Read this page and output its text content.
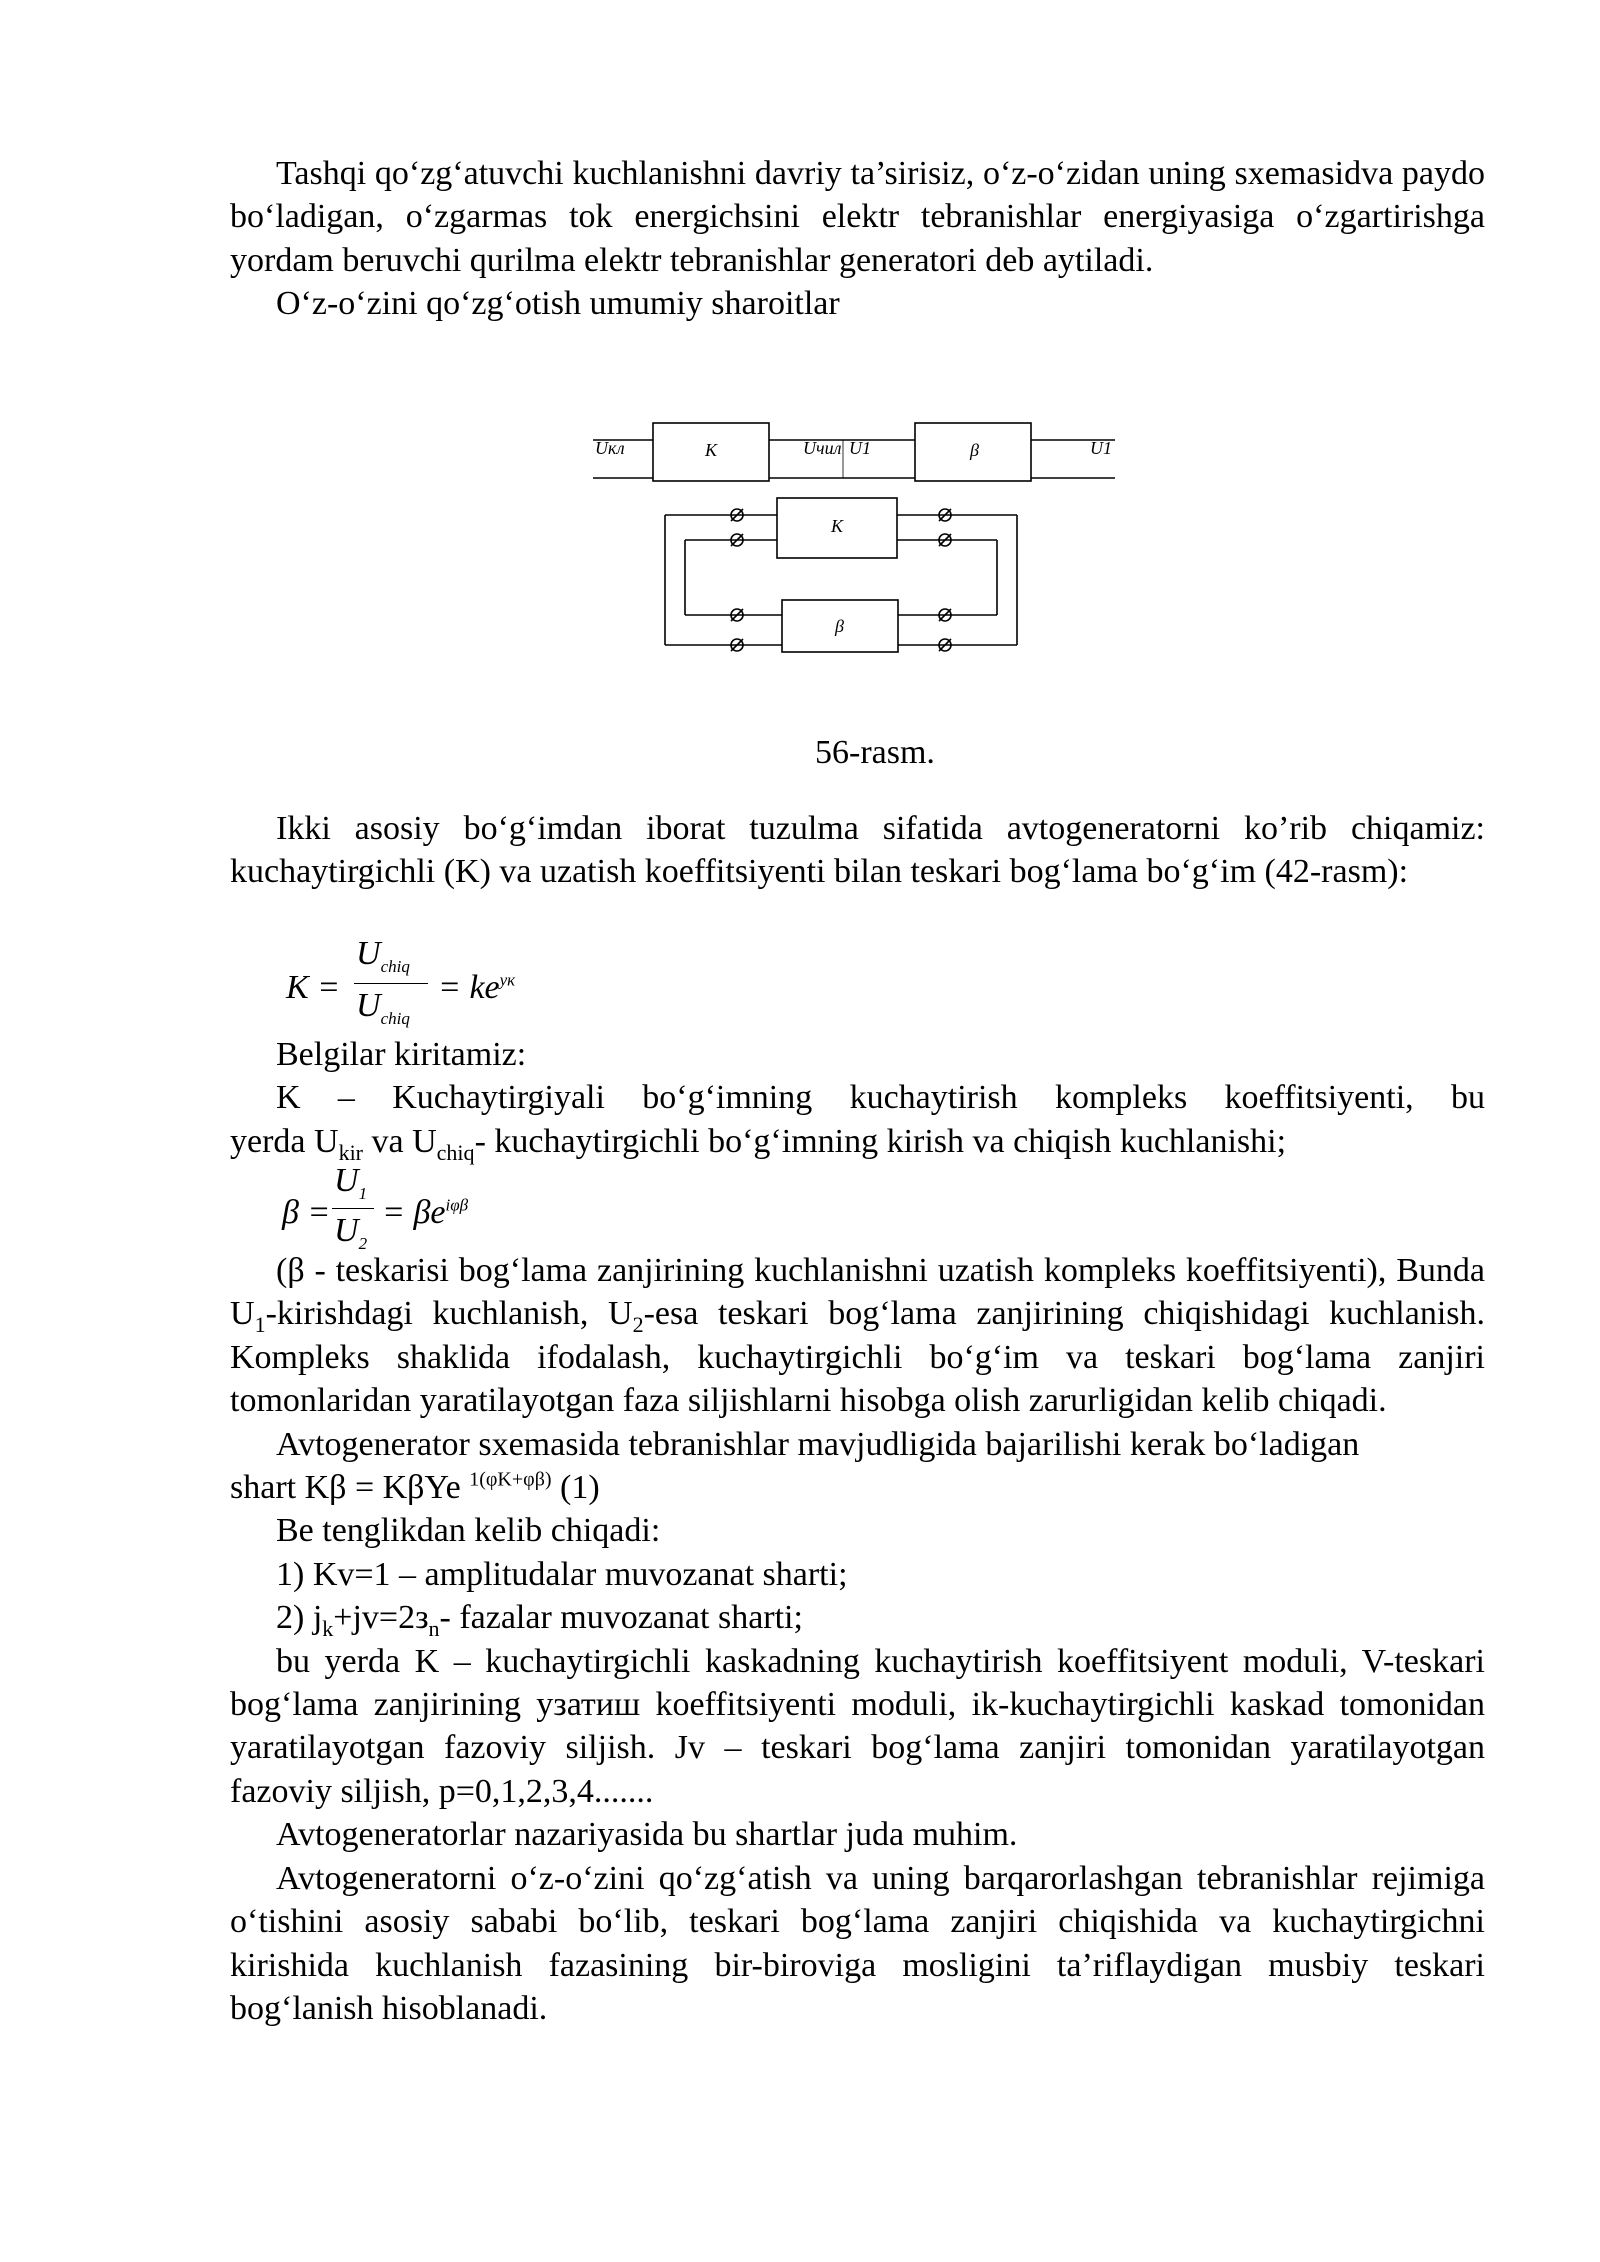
Tashqi qo‘zg‘atuvchi kuchlanishni davriy ta’sirisiz, o‘z-o‘zidan uning sxemasidva paydo bo‘ladigan, o‘zgarmas tok energichsini elektr tebranishlar energiyasiga o‘zgartirishga yordam beruvchi qurilma elektr tebranishlar generatori deb aytiladi.

O‘z-o‘zini qo‘zg‘otish umumiy sharoitlar

Uкл	K	Uчил U1	β	U1
K
β
56-rasm.

Ikki asosiy bo‘g‘imdan iborat tuzulma sifatida avtogeneratorni ko’rib chiqamiz: kuchaytirgichli (K) va uzatish koeffitsiyenti bilan teskari bog‘lama bo‘g‘im (42-rasm):

K =
$U_{chiq}$
$U_{chiq}$
= $ke^{yк}$

Belgilar kiritamiz:

K – Kuchaytirgiyali bo‘g‘imning kuchaytirish kompleks koeffitsiyenti, bu

yerda $U_{kir}$ va $U_{chiq}-$ kuchaytirgichli bo‘g‘imning kirish va chiqish kuchlanishi;

β =
$U_1$
$U_2$
= $\beta e^{i\varphi\beta}$

(β - teskarisi bog‘lama zanjirining kuchlanishni uzatish kompleks koeffitsiyenti), Bunda $U_1$-kirishdagi kuchlanish, $U_2$-esa teskari bog‘lama zanjirining chiqishidagi kuchlanish. Kompleks shaklida ifodalash, kuchaytirgichli bo‘g‘im va teskari bog‘lama zanjiri tomonlaridan yaratilayotgan faza siljishlarni hisobga olish zarurligidan kelib chiqadi.

Avtogenerator sxemasida tebranishlar mavjudligida bajarilishi kerak bo‘ladigan

shart Kβ = KβYe $^{1(\varphi K+\varphi\beta)}$ (1)

Be tenglikdan kelib chiqadi:

1) Kv=1 – amplitudalar muvozanat sharti;

2) $j_k+jv=2з_n-$ fazalar muvozanat sharti;

bu yerda K – kuchaytirgichli kaskadning kuchaytirish koeffitsiyent moduli, V-teskari bog‘lama zanjirining узатиш koeffitsiyenti moduli, ik-kuchaytirgichli kaskad tomonidan yaratilayotgan fazoviy siljish. Jv – teskari bog‘lama zanjiri tomonidan yaratilayotgan fazoviy siljish, p=0,1,2,3,4.......

Avtogeneratorlar nazariyasida bu shartlar juda muhim.

Avtogeneratorni o‘z-o‘zini qo‘zg‘atish va uning barqarorlashgan tebranishlar rejimiga o‘tishini asosiy sababi bo‘lib, teskari bog‘lama zanjiri chiqishida va kuchaytirgichni kirishida kuchlanish fazasining bir-biroviga mosligini ta’riflaydigan musbiy teskari bog‘lanish hisoblanadi.
